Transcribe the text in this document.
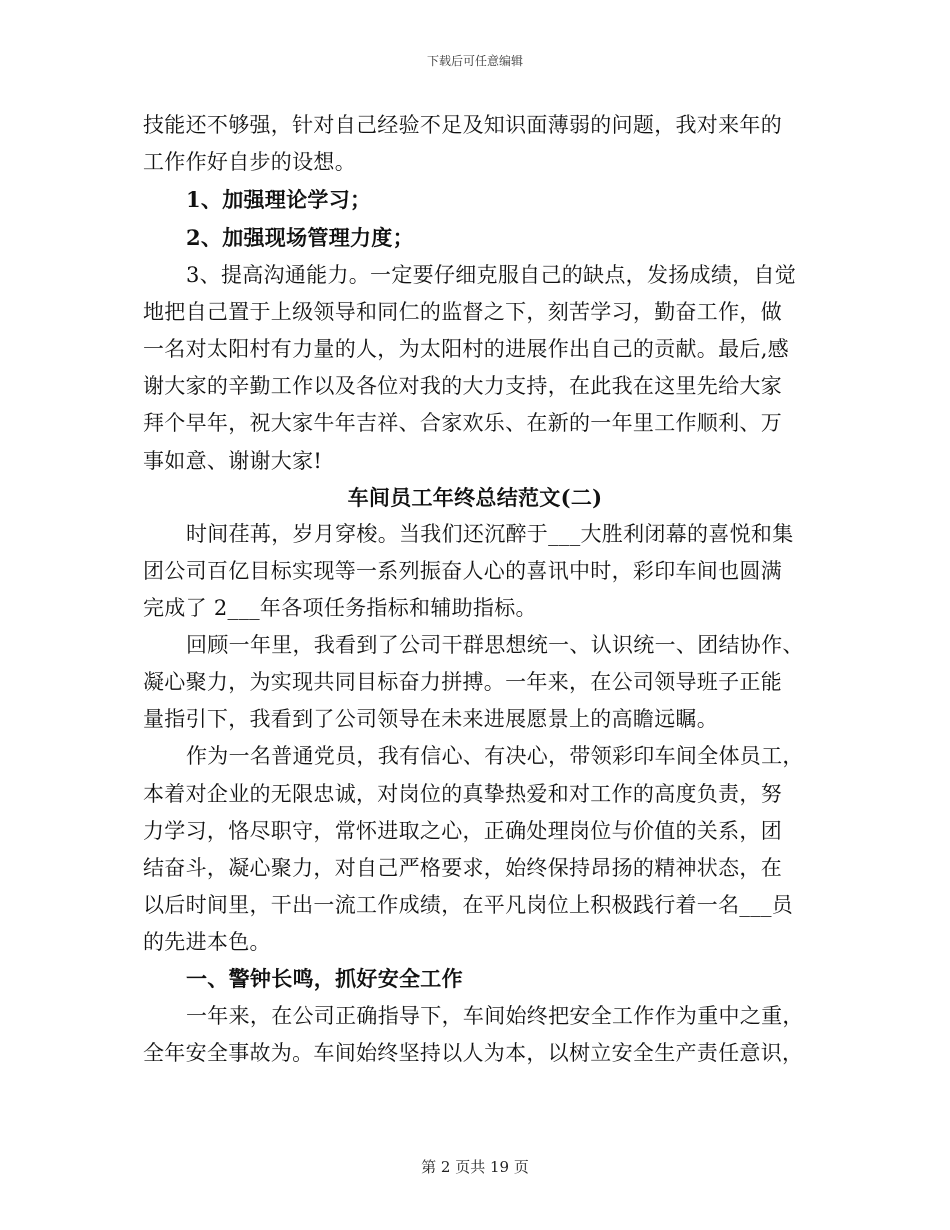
下载后可任意编辑
技能还不够强，针对自己经验不足及知识面薄弱的问题，我对来年的
工作作好自步的设想。
1、加强理论学习；
2、加强现场管理力度；
3、提高沟通能力。一定要仔细克服自己的缺点，发扬成绩，自觉
地把自己置于上级领导和同仁的监督之下，刻苦学习，勤奋工作，做
一名对太阳村有力量的人，为太阳村的进展作出自己的贡献。最后,感
谢大家的辛勤工作以及各位对我的大力支持，在此我在这里先给大家
拜个早年，祝大家牛年吉祥、合家欢乐、在新的一年里工作顺利、万
事如意、谢谢大家!
车间员工年终总结范文(二)
时间荏苒，岁月穿梭。当我们还沉醉于___大胜利闭幕的喜悦和集
团公司百亿目标实现等一系列振奋人心的喜讯中时，彩印车间也圆满
完成了 2___年各项任务指标和辅助指标。
回顾一年里，我看到了公司干群思想统一、认识统一、团结协作、
凝心聚力，为实现共同目标奋力拼搏。一年来，在公司领导班子正能
量指引下，我看到了公司领导在未来进展愿景上的高瞻远瞩。
作为一名普通党员，我有信心、有决心，带领彩印车间全体员工，
本着对企业的无限忠诚，对岗位的真挚热爱和对工作的高度负责，努
力学习，恪尽职守，常怀进取之心，正确处理岗位与价值的关系，团
结奋斗，凝心聚力，对自己严格要求，始终保持昂扬的精神状态，在
以后时间里，干出一流工作成绩，在平凡岗位上积极践行着一名___员
的先进本色。
一、警钟长鸣，抓好安全工作
一年来，在公司正确指导下，车间始终把安全工作作为重中之重，
全年安全事故为。车间始终坚持以人为本，以树立安全生产责任意识，
第 2 页共 19 页
